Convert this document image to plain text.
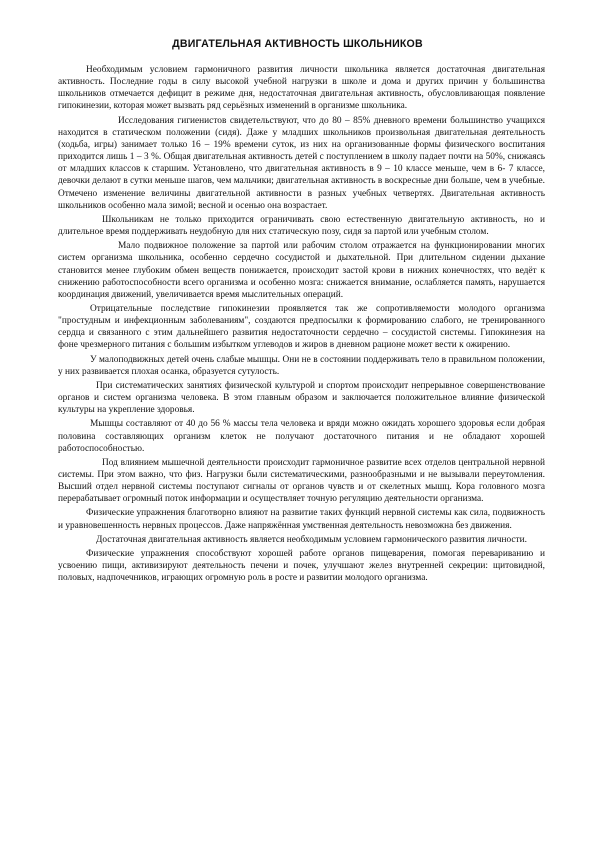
ДВИГАТЕЛЬНАЯ АКТИВНОСТЬ ШКОЛЬНИКОВ

Необходимым условием гармоничного развития личности школьника является достаточная двигательная активность. Последние годы в силу высокой учебной нагрузки в школе и дома и других причин у большинства школьников отмечается дефицит в режиме дня, недостаточная двигательная активность, обусловливающая появление гипокинезии, которая может вызвать ряд серьёзных изменений в организме школьника.

Исследования гигиенистов свидетельствуют, что до 80 – 85% дневного времени большинство учащихся находится в статическом положении (сидя). Даже у младших школьников произвольная двигательная деятельность (ходьба, игры) занимает только 16 – 19% времени суток, из них на организованные формы физического воспитания приходится лишь 1 – 3 %. Общая двигательная активность детей с поступлением в школу падает почти на 50%, снижаясь от младших классов к старшим. Установлено, что двигательная активность в 9 – 10 классе меньше, чем в 6- 7 классе, девочки делают в сутки меньше шагов, чем мальчики; двигательная активность в воскресные дни больше, чем в учебные. Отмечено изменение величины двигательной активности в разных учебных четвертях. Двигательная активность школьников особенно мала зимой; весной и осенью она возрастает.

Школьникам не только приходится ограничивать свою естественную двигательную активность, но и длительное время поддерживать неудобную для них статическую позу, сидя за партой или учебным столом.

Мало подвижное положение за партой или рабочим столом отражается на функционировании многих систем организма школьника, особенно сердечно сосудистой и дыхательной. При длительном сидении дыхание становится менее глубоким обмен веществ понижается, происходит застой крови в нижних конечностях, что ведёт к снижению работоспособности всего организма и особенно мозга: снижается внимание, ослабляется память, нарушается координация движений, увеличивается время мыслительных операций.

Отрицательные последствие гипокинезии проявляется так же сопротивляемости молодого организма "простудным и инфекционным заболеваниям", создаются предпосылки к формированию слабого, не тренированного сердца и связанного с этим дальнейшего развития недостаточности сердечно – сосудистой системы. Гипокинезия на фоне чрезмерного питания с большим избытком углеводов и жиров в дневном рационе может вести к ожирению.

У малоподвижных детей очень слабые мышцы. Они не в состоянии поддерживать тело в правильном положении, у них развивается плохая осанка, образуется сутулость.

При систематических занятиях физической культурой и спортом происходит непрерывное совершенствование органов и систем организма человека. В этом главным образом и заключается положительное влияние физической культуры на укрепление здоровья.

Мышцы составляют от 40 до 56 % массы тела человека и вряди можно ожидать хорошего здоровья если добрая половина составляющих организм клеток не получают достаточного питания и не обладают хорошей работоспособностью.

Под влиянием мышечной деятельности происходит гармоничное развитие всех отделов центральной нервной системы. При этом важно, что физ. Нагрузки были систематическими, разнообразными и не вызывали переутомления. Высший отдел нервной системы поступают сигналы от органов чувств и от скелетных мышц. Кора головного мозга перерабатывает огромный поток информации и осуществляет точную регуляцию деятельности организма.

Физические упражнения благотворно влияют на развитие таких функций нервной системы как сила, подвижность и уравновешенность нервных процессов. Даже напряжённая умственная деятельность невозможна без движения.

Достаточная двигательная активность является необходимым условием гармонического развития личности.

Физические упражнения способствуют хорошей работе органов пищеварения, помогая перевариванию и усвоению пищи, активизируют деятельность печени и почек, улучшают желез внутренней секреции: щитовидной, половых, надпочечников, играющих огромную роль в росте и развитии молодого организма.
